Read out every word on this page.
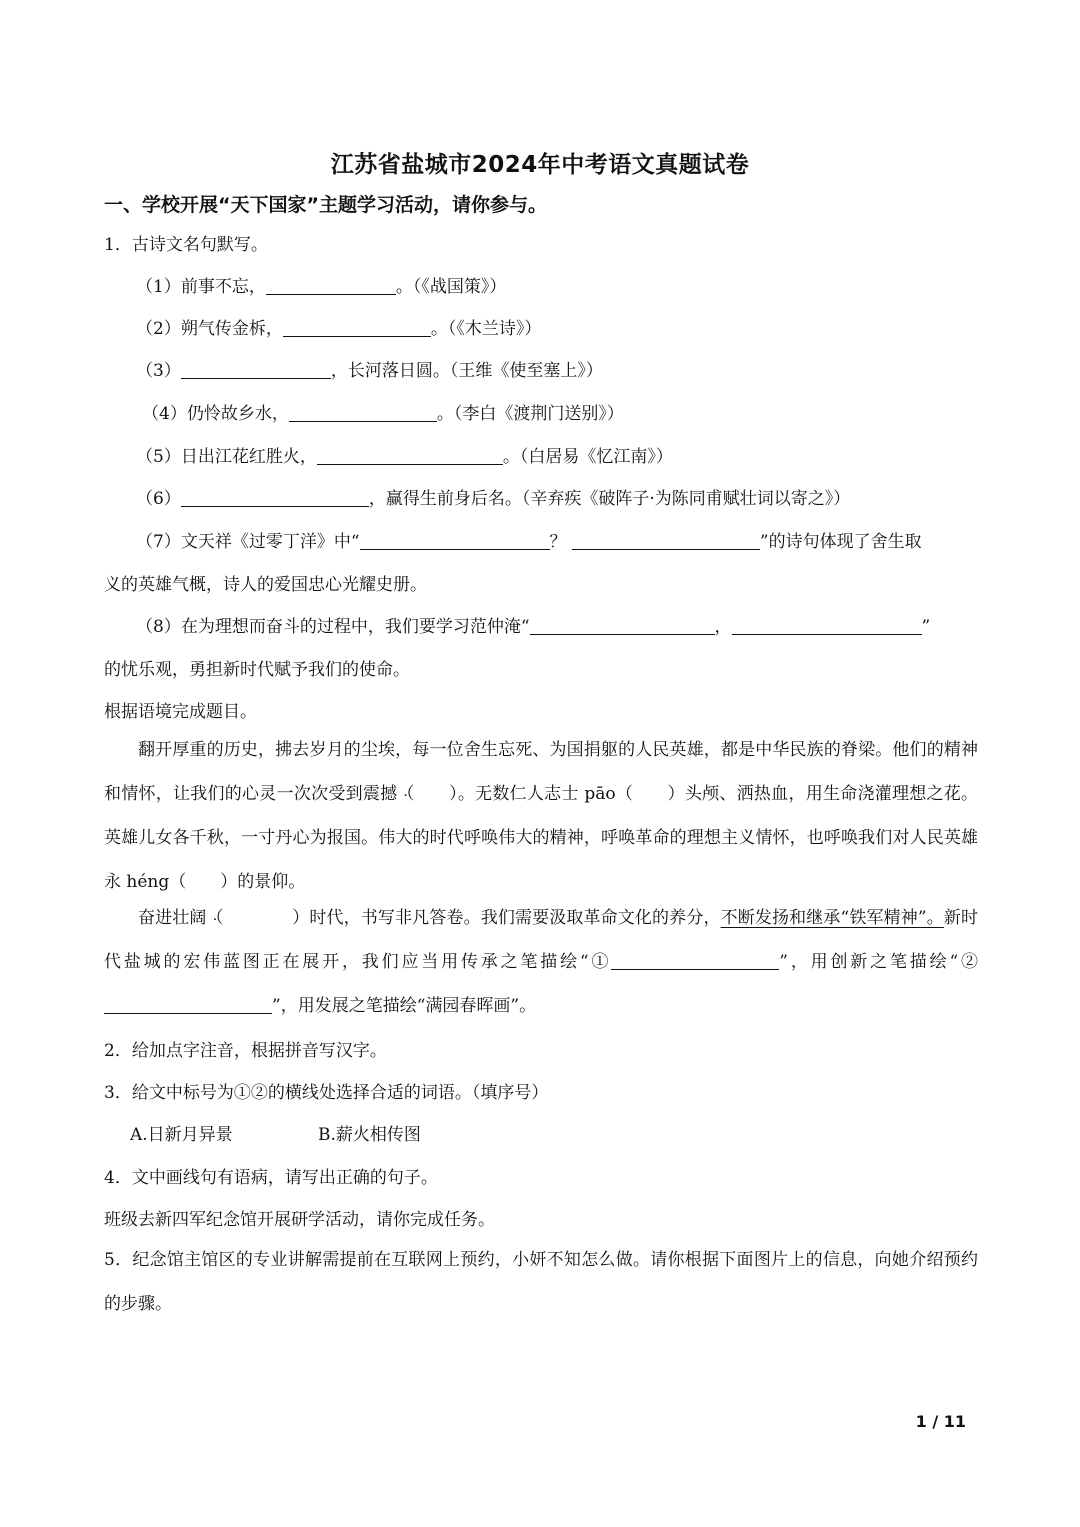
江苏省盐城市2024年中考语文真题试卷
一、学校开展“天下国家”主题学习活动，请你参与。
1．古诗文名句默写。
（1）前事不忘，	。（《战国策》）
（2）朔气传金柝，	。（《木兰诗》）
（3）	，长河落日圆。（王维《使至塞上》）
（4）仍怜故乡水，	。（李白《渡荆门送别》）
（5）日出江花红胜火，	。（白居易《忆江南》）
（6）	，赢得生前身后名。（辛弃疾《破阵子·为陈同甫赋壮词以寄之》）
（7）文天祥《过零丁洋》中“	？	”的诗句体现了舍生取
义的英雄气概，诗人的爱国忠心光耀史册。
（8）在为理想而奋斗的过程中，我们要学习范仲淹“	，	”
的忧乐观，勇担新时代赋予我们的使命。
根据语境完成题目。
翻开厚重的历史，拂去岁月的尘埃，每一位舍生忘死、为国捐躯的人民英雄，都是中华民族的脊梁。他们的精神和情怀，让我们的心灵一次次受到震撼 ·（　　）。无数仁人志士 pāo（　　）头颅、洒热血，用生命浇灌理想之花。英雄儿女各千秋，一寸丹心为报国。伟大的时代呼唤伟大的精神，呼唤革命的理想主义情怀，也呼唤我们对人民英雄永 héng（　　）的景仰。
奋进壮阔 ·（　　　　）时代，书写非凡答卷。我们需要汲取革命文化的养分，不断发扬和继承“铁军精神”。新时代盐城的宏伟蓝图正在展开，我们应当用传承之笔描绘“①	”，用创新之笔描绘“②”，用发展之笔描绘“满园春晖画”。
2．给加点字注音，根据拼音写汉字。
3．给文中标号为①②的横线处选择合适的词语。（填序号）
A.日新月异景	B.薪火相传图
4．文中画线句有语病，请写出正确的句子。
班级去新四军纪念馆开展研学活动，请你完成任务。
5．纪念馆主馆区的专业讲解需提前在互联网上预约，小妍不知怎么做。请你根据下面图片上的信息，向她介绍预约的步骤。
1 / 11
